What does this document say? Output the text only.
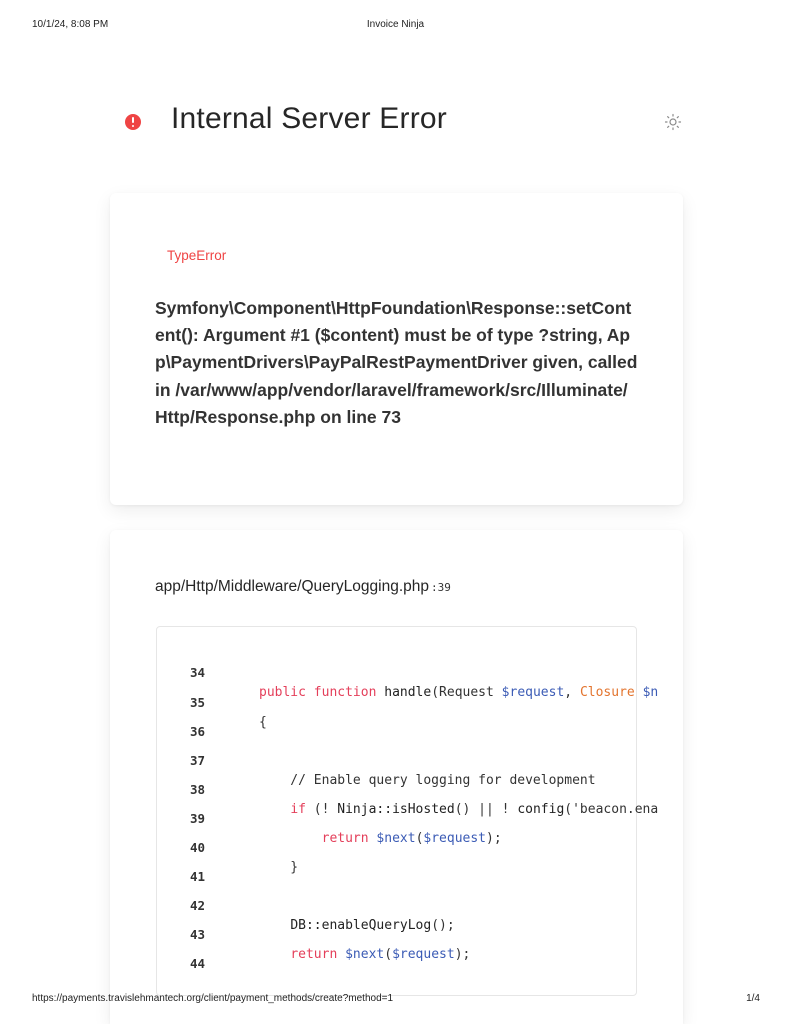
10/1/24, 8:08 PM	Invoice Ninja
Internal Server Error
TypeError
Symfony\Component\HttpFoundation\Response::setContent(): Argument #1 ($content) must be of type ?string, App\PaymentDrivers\PayPalRestPaymentDriver given, called in /var/www/app/vendor/laravel/framework/src/Illuminate/Http/Response.php on line 73
app/Http/Middleware/QueryLogging.php :39

34

public function handle(Request $request, Closure $n

35

{

36

37

// Enable query logging for development

38

if (! Ninja::isHosted() || ! config('beacon.ena

39

return $next($request);

40

}

41

42

DB::enableQueryLog();

43

return $next($request);

44

https://payments.travislehmantech.org/client/payment_methods/create?method=1	1/4
